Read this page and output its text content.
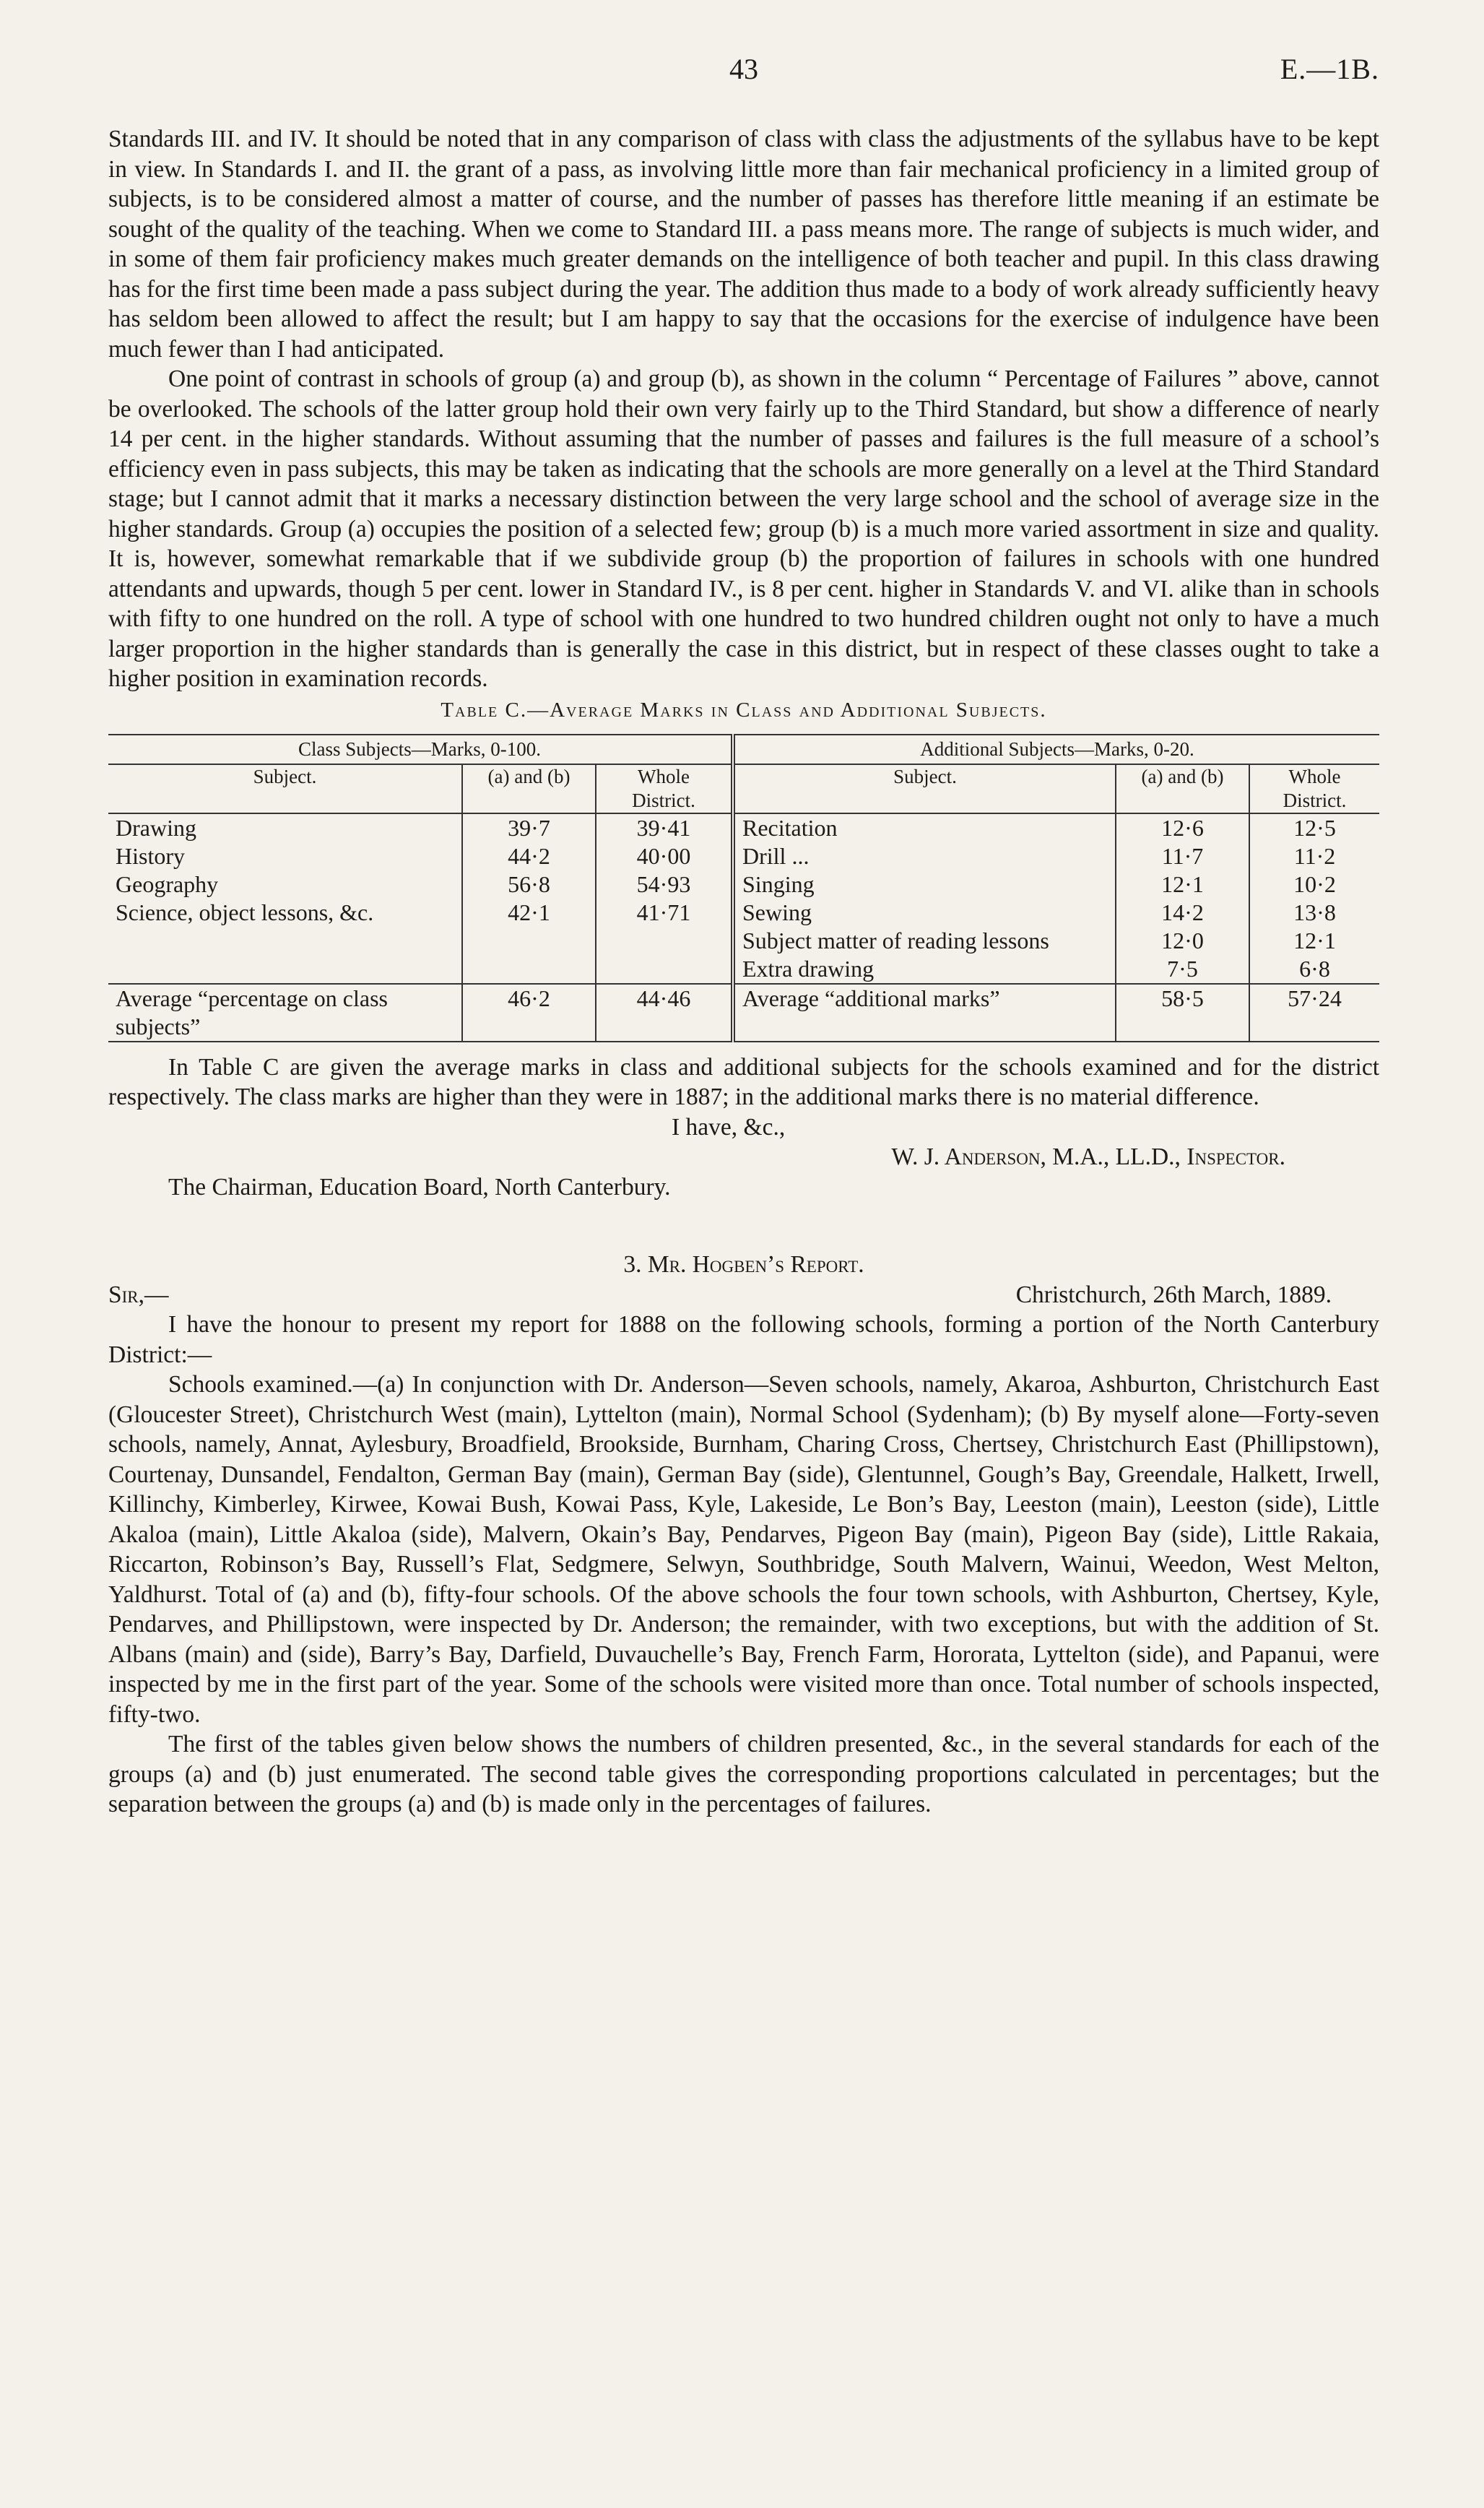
43	E.—1B.

Standards III. and IV. It should be noted that in any comparison of class with class the adjustments of the syllabus have to be kept in view. In Standards I. and II. the grant of a pass, as involving little more than fair mechanical proficiency in a limited group of subjects, is to be considered almost a matter of course, and the number of passes has therefore little meaning if an estimate be sought of the quality of the teaching. When we come to Standard III. a pass means more. The range of subjects is much wider, and in some of them fair proficiency makes much greater demands on the intelligence of both teacher and pupil. In this class drawing has for the first time been made a pass subject during the year. The addition thus made to a body of work already sufficiently heavy has seldom been allowed to affect the result; but I am happy to say that the occasions for the exercise of indulgence have been much fewer than I had anticipated.

One point of contrast in schools of group (a) and group (b), as shown in the column “ Percentage of Failures ” above, cannot be overlooked. The schools of the latter group hold their own very fairly up to the Third Standard, but show a difference of nearly 14 per cent. in the higher standards. Without assuming that the number of passes and failures is the full measure of a school’s efficiency even in pass subjects, this may be taken as indicating that the schools are more generally on a level at the Third Standard stage; but I cannot admit that it marks a necessary distinction between the very large school and the school of average size in the higher standards. Group (a) occupies the position of a selected few; group (b) is a much more varied assortment in size and quality. It is, however, somewhat remarkable that if we subdivide group (b) the proportion of failures in schools with one hundred attendants and upwards, though 5 per cent. lower in Standard IV., is 8 per cent. higher in Standards V. and VI. alike than in schools with fifty to one hundred on the roll. A type of school with one hundred to two hundred children ought not only to have a much larger proportion in the higher standards than is generally the case in this district, but in respect of these classes ought to take a higher position in examination records.

Table C.—Average Marks in Class and Additional Subjects.
Class Subjects—Marks, 0-100.			Additional Subjects—Marks, 0-20.		
Subject.	(a) and (b)	Whole District.	Subject.	(a) and (b)	Whole District.
Drawing	39·7	39·41	Recitation	12·6	12·5
History	44·2	40·00	Drill ...	11·7	11·2
Geography	56·8	54·93	Singing	12·1	10·2
Science, object lessons, &c.	42·1	41·71	Sewing	14·2	13·8
			Subject matter of reading lessons	12·0	12·1
			Extra drawing	7·5	6·8
Average “percentage on class subjects”	46·2	44·46	Average “additional marks”	58·5	57·24

In Table C are given the average marks in class and additional subjects for the schools examined and for the district respectively. The class marks are higher than they were in 1887; in the additional marks there is no material difference.

I have, &c.,

W. J. Anderson, M.A., LL.D., Inspector.

The Chairman, Education Board, North Canterbury.

3. Mr. Hogben’s Report.

Sir,—	Christchurch, 26th March, 1889.

I have the honour to present my report for 1888 on the following schools, forming a portion of the North Canterbury District:—

Schools examined.—(a) In conjunction with Dr. Anderson—Seven schools, namely, Akaroa, Ashburton, Christchurch East (Gloucester Street), Christchurch West (main), Lyttelton (main), Normal School (Sydenham); (b) By myself alone—Forty-seven schools, namely, Annat, Aylesbury, Broadfield, Brookside, Burnham, Charing Cross, Chertsey, Christchurch East (Phillipstown), Courtenay, Dunsandel, Fendalton, German Bay (main), German Bay (side), Glentunnel, Gough’s Bay, Greendale, Halkett, Irwell, Killinchy, Kimberley, Kirwee, Kowai Bush, Kowai Pass, Kyle, Lakeside, Le Bon’s Bay, Leeston (main), Leeston (side), Little Akaloa (main), Little Akaloa (side), Malvern, Okain’s Bay, Pendarves, Pigeon Bay (main), Pigeon Bay (side), Little Rakaia, Riccarton, Robinson’s Bay, Russell’s Flat, Sedgmere, Selwyn, Southbridge, South Malvern, Wainui, Weedon, West Melton, Yaldhurst. Total of (a) and (b), fifty-four schools. Of the above schools the four town schools, with Ashburton, Chertsey, Kyle, Pendarves, and Phillipstown, were inspected by Dr. Anderson; the remainder, with two exceptions, but with the addition of St. Albans (main) and (side), Barry’s Bay, Darfield, Duvauchelle’s Bay, French Farm, Hororata, Lyttelton (side), and Papanui, were inspected by me in the first part of the year. Some of the schools were visited more than once. Total number of schools inspected, fifty-two.

The first of the tables given below shows the numbers of children presented, &c., in the several standards for each of the groups (a) and (b) just enumerated. The second table gives the corresponding proportions calculated in percentages; but the separation between the groups (a) and (b) is made only in the percentages of failures.
